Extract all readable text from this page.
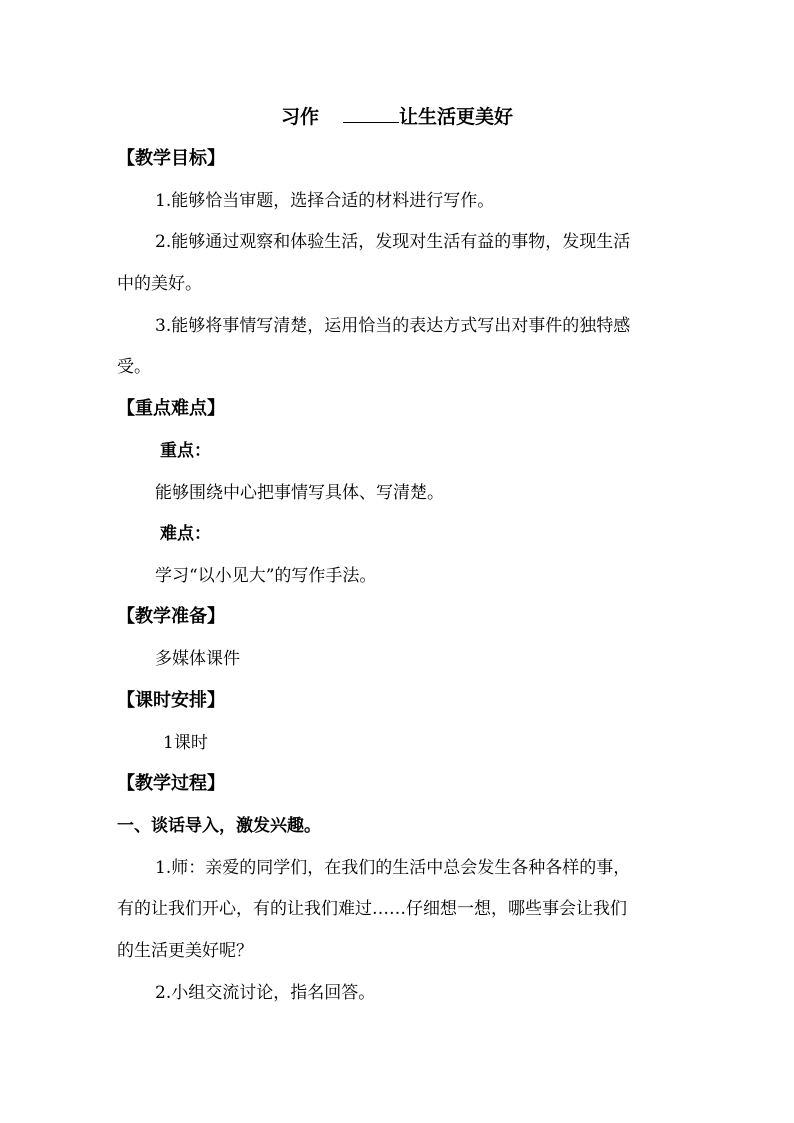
习作	让生活更美好
【教学目标】
1.能够恰当审题，选择合适的材料进行写作。
2.能够通过观察和体验生活，发现对生活有益的事物，发现生活
中的美好。
3.能够将事情写清楚，运用恰当的表达方式写出对事件的独特感
受。
【重点难点】
重点：
能够围绕中心把事情写具体、写清楚。
难点：
学习“以小见大”的写作手法。
【教学准备】
多媒体课件
【课时安排】
1课时
【教学过程】
一、谈话导入，激发兴趣。
1.师：亲爱的同学们，在我们的生活中总会发生各种各样的事，
有的让我们开心，有的让我们难过……仔细想一想，哪些事会让我们
的生活更美好呢？
2.小组交流讨论，指名回答。
